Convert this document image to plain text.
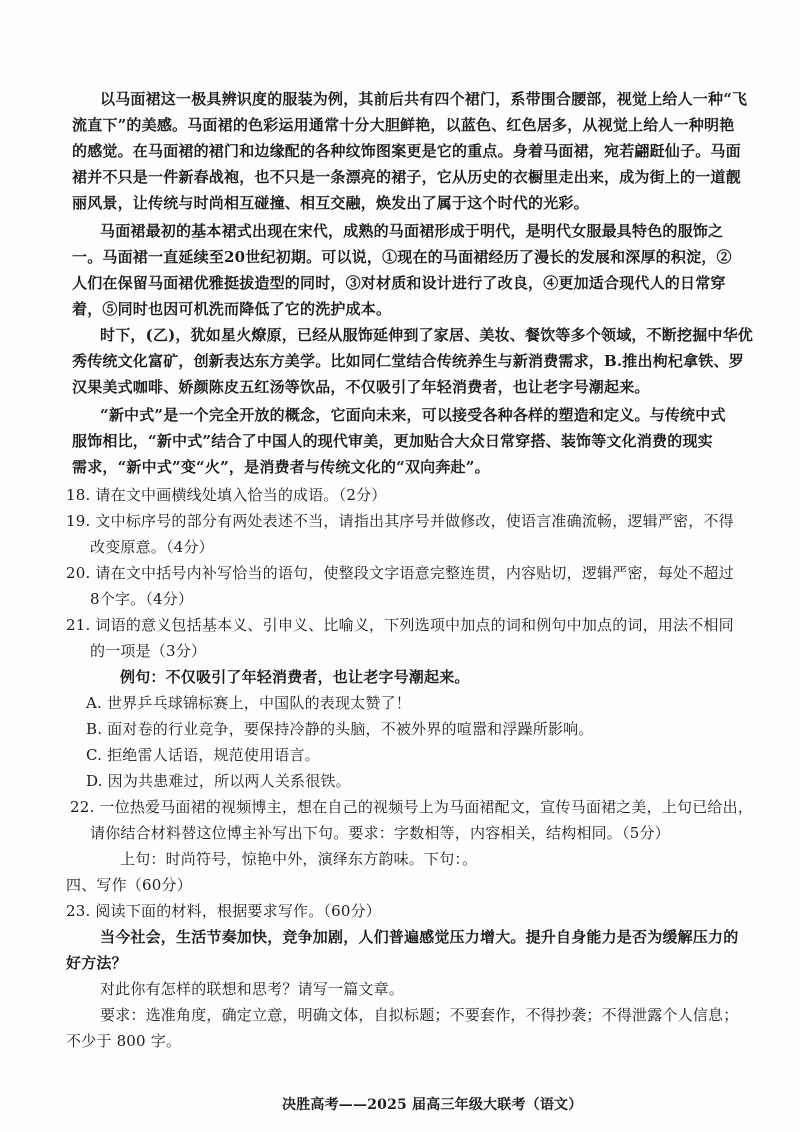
以马面裙这一极具辨识度的服装为例，其前后共有四个裙门，系带围合腰部，视觉上给人一种“飞
流直下”的美感。马面裙的色彩运用通常十分大胆鲜艳，以蓝色、红色居多，从视觉上给人一种明艳
的感觉。在马面裙的裙门和边缘配的各种纹饰图案更是它的重点。身着马面裙，宛若翩跹仙子。马面
裙并不只是一件新春战袍，也不只是一条漂亮的裙子，它从历史的衣橱里走出来，成为街上的一道靓
丽风景，让传统与时尚相互碰撞、相互交融，焕发出了属于这个时代的光彩。
马面裙最初的基本裙式出现在宋代，成熟的马面裙形成于明代，是明代女服最具特色的服饰之
一。马面裙一直延续至20世纪初期。可以说，①现在的马面裙经历了漫长的发展和深厚的积淀，②
人们在保留马面裙优雅挺拔造型的同时，③对材质和设计进行了改良，④更加适合现代人的日常穿
着，⑤同时也因可机洗而降低了它的洗护成本。
时下，(乙)，犹如星火燎原，已经从服饰延伸到了家居、美妆、餐饮等多个领域，不断挖掘中华优
秀传统文化富矿，创新表达东方美学。比如同仁堂结合传统养生与新消费需求，B.推出枸杞拿铁、罗
汉果美式咖啡、娇颜陈皮五红汤等饮品，不仅吸引了年轻消费者，也让老字号潮起来。
“新中式”是一个完全开放的概念，它面向未来，可以接受各种各样的塑造和定义。与传统中式
服饰相比，“新中式”结合了中国人的现代审美，更加贴合大众日常穿搭、装饰等文化消费的现实
需求，“新中式”变“火”，是消费者与传统文化的“双向奔赴”。
18. 请在文中画横线处填入恰当的成语。（2分）
19. 文中标序号的部分有两处表述不当，请指出其序号并做修改，使语言准确流畅，逻辑严密，不得
改变原意。（4分）
20. 请在文中括号内补写恰当的语句，使整段文字语意完整连贯，内容贴切，逻辑严密，每处不超过
8个字。（4分）
21. 词语的意义包括基本义、引申义、比喻义，下列选项中加点的词和例句中加点的词，用法不相同
的一项是（3分）
例句：不仅吸引了年轻消费者，也让老字号潮起来。
A. 世界乒乓球锦标赛上，中国队的表现太赞了！
B. 面对卷的行业竞争，要保持冷静的头脑，不被外界的喧嚣和浮躁所影响。
C. 拒绝雷人话语，规范使用语言。
D. 因为共患难过，所以两人关系很铁。
22. 一位热爱马面裙的视频博主，想在自己的视频号上为马面裙配文，宣传马面裙之美，上句已给出，
请你结合材料替这位博主补写出下句。要求：字数相等，内容相关，结构相同。（5分）
上句：时尚符号，惊艳中外，演绎东方韵味。下句：。
四、写作（60分）
23. 阅读下面的材料，根据要求写作。（60分）
当今社会，生活节奏加快，竞争加剧，人们普遍感觉压力增大。提升自身能力是否为缓解压力的
好方法？
对此你有怎样的联想和思考？请写一篇文章。
要求：选准角度，确定立意，明确文体，自拟标题；不要套作，不得抄袭；不得泄露个人信息；
不少于 800 字。
决胜高考——2025 届高三年级大联考（语文）
